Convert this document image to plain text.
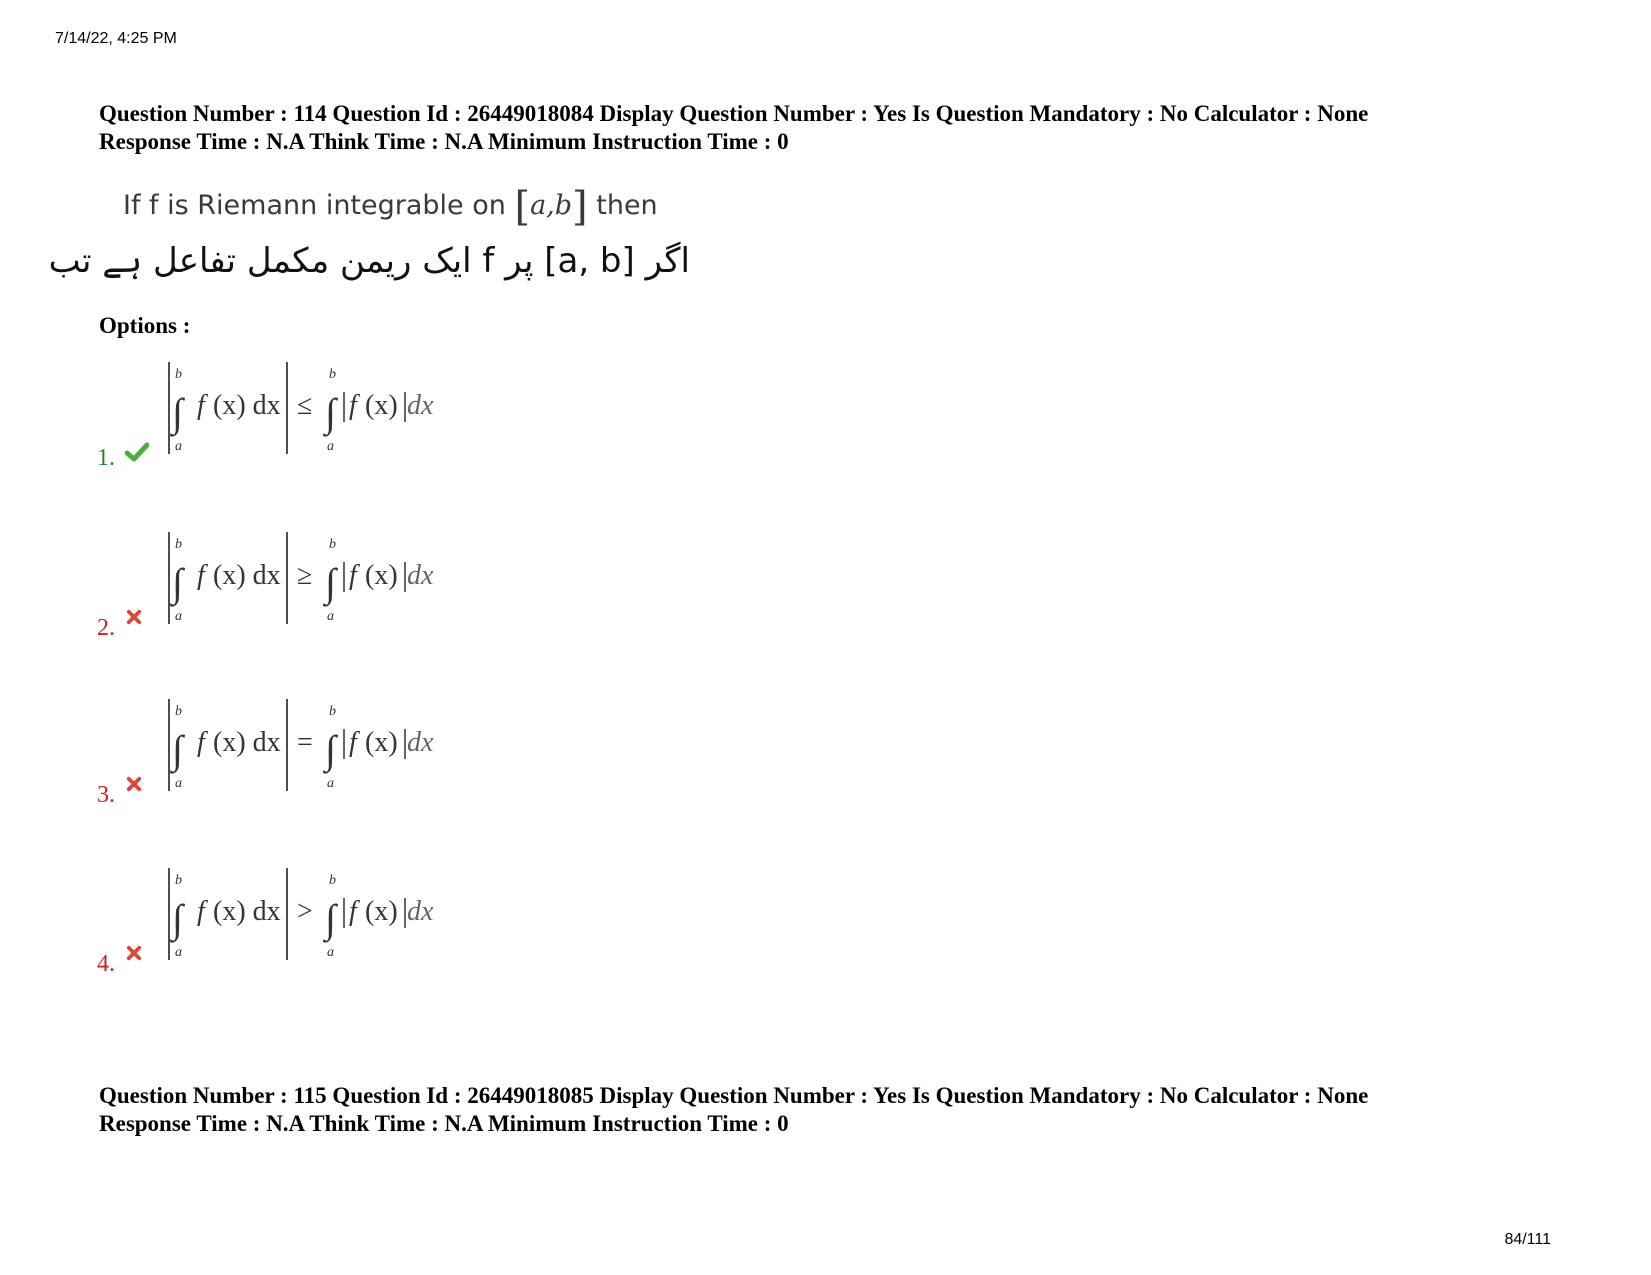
7/14/22, 4:25 PM
Question Number : 114 Question Id : 26449018084 Display Question Number : Yes Is Question Mandatory : No Calculator : None
Response Time : N.A Think Time : N.A Minimum Instruction Time : 0
If f is Riemann integrable on [a,b] then
اگر [a, b] پر f ایک ریمن مکمل تفاعل ہے تب
Options :
1.
b
∫
a
f (x) dx ≤
b
∫
a
f (x) dx
2.
b
∫
a
f (x) dx ≥
b
∫
a
f (x) dx
3.
b
∫
a
f (x) dx =
b
∫
a
f (x) dx
4.
b
∫
a
f (x) dx >
b
∫
a
f (x) dx
Question Number : 115 Question Id : 26449018085 Display Question Number : Yes Is Question Mandatory : No Calculator : None
Response Time : N.A Think Time : N.A Minimum Instruction Time : 0
84/111
